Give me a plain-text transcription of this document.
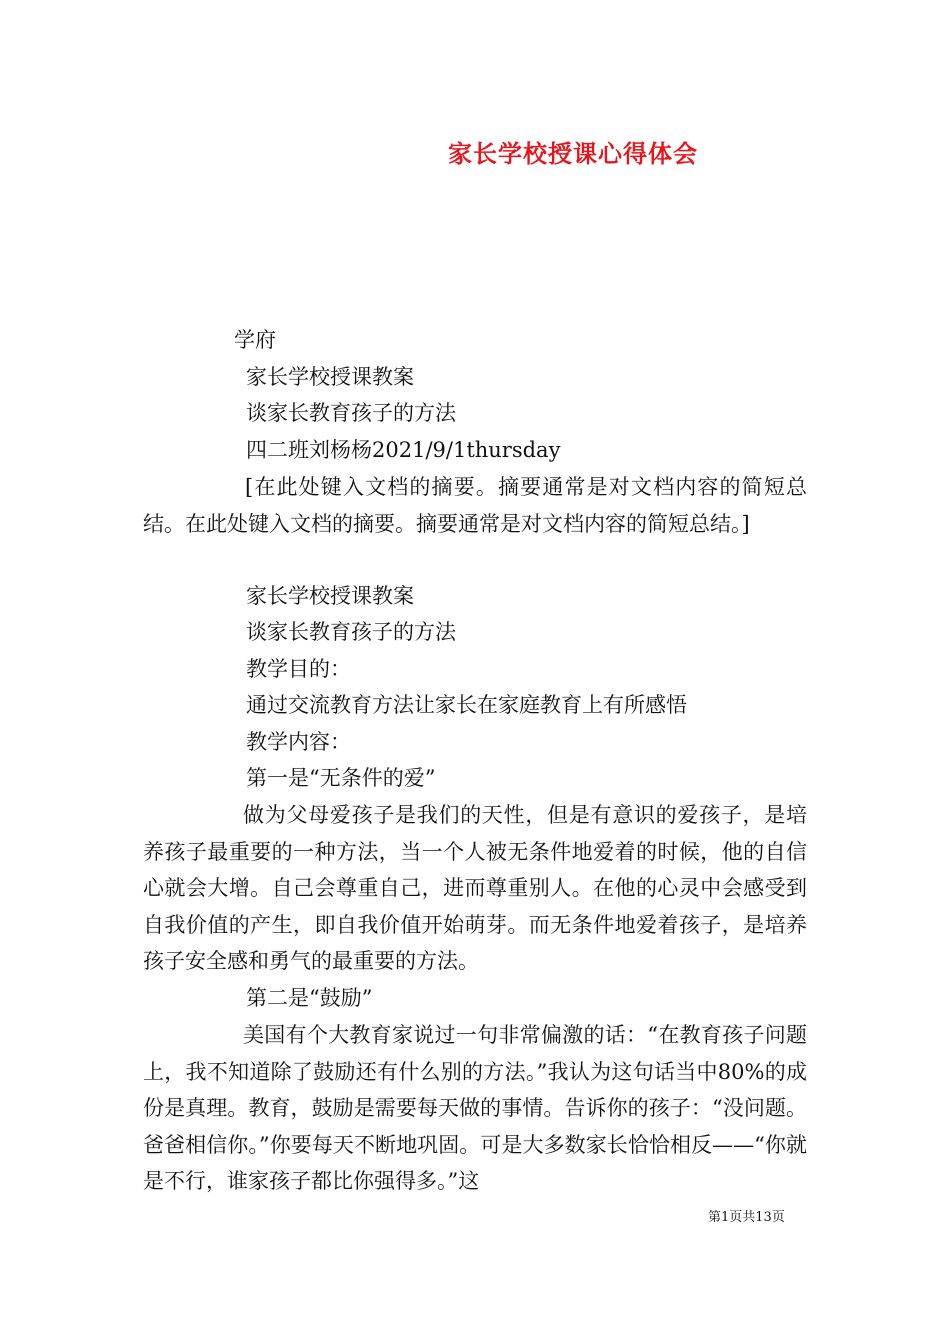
家长学校授课心得体会
学府
家长学校授课教案
谈家长教育孩子的方法
四二班刘杨杨2021/9/1thursday
[在此处键入文档的摘要。摘要通常是对文档内容的简短总结。在此处键入文档的摘要。摘要通常是对文档内容的简短总结。]
家长学校授课教案
谈家长教育孩子的方法
教学目的：
通过交流教育方法让家长在家庭教育上有所感悟
教学内容：
第一是“无条件的爱”
做为父母爱孩子是我们的天性，但是有意识的爱孩子，是培养孩子最重要的一种方法，当一个人被无条件地爱着的时候，他的自信心就会大增。自己会尊重自己，进而尊重别人。在他的心灵中会感受到自我价值的产生，即自我价值开始萌芽。而无条件地爱着孩子，是培养孩子安全感和勇气的最重要的方法。
第二是“鼓励”
美国有个大教育家说过一句非常偏激的话：“在教育孩子问题上，我不知道除了鼓励还有什么别的方法。”我认为这句话当中80%的成份是真理。教育，鼓励是需要每天做的事情。告诉你的孩子：“没问题。爸爸相信你。”你要每天不断地巩固。可是大多数家长恰恰相反——“你就是不行，谁家孩子都比你强得多。”这
第1页共13页
